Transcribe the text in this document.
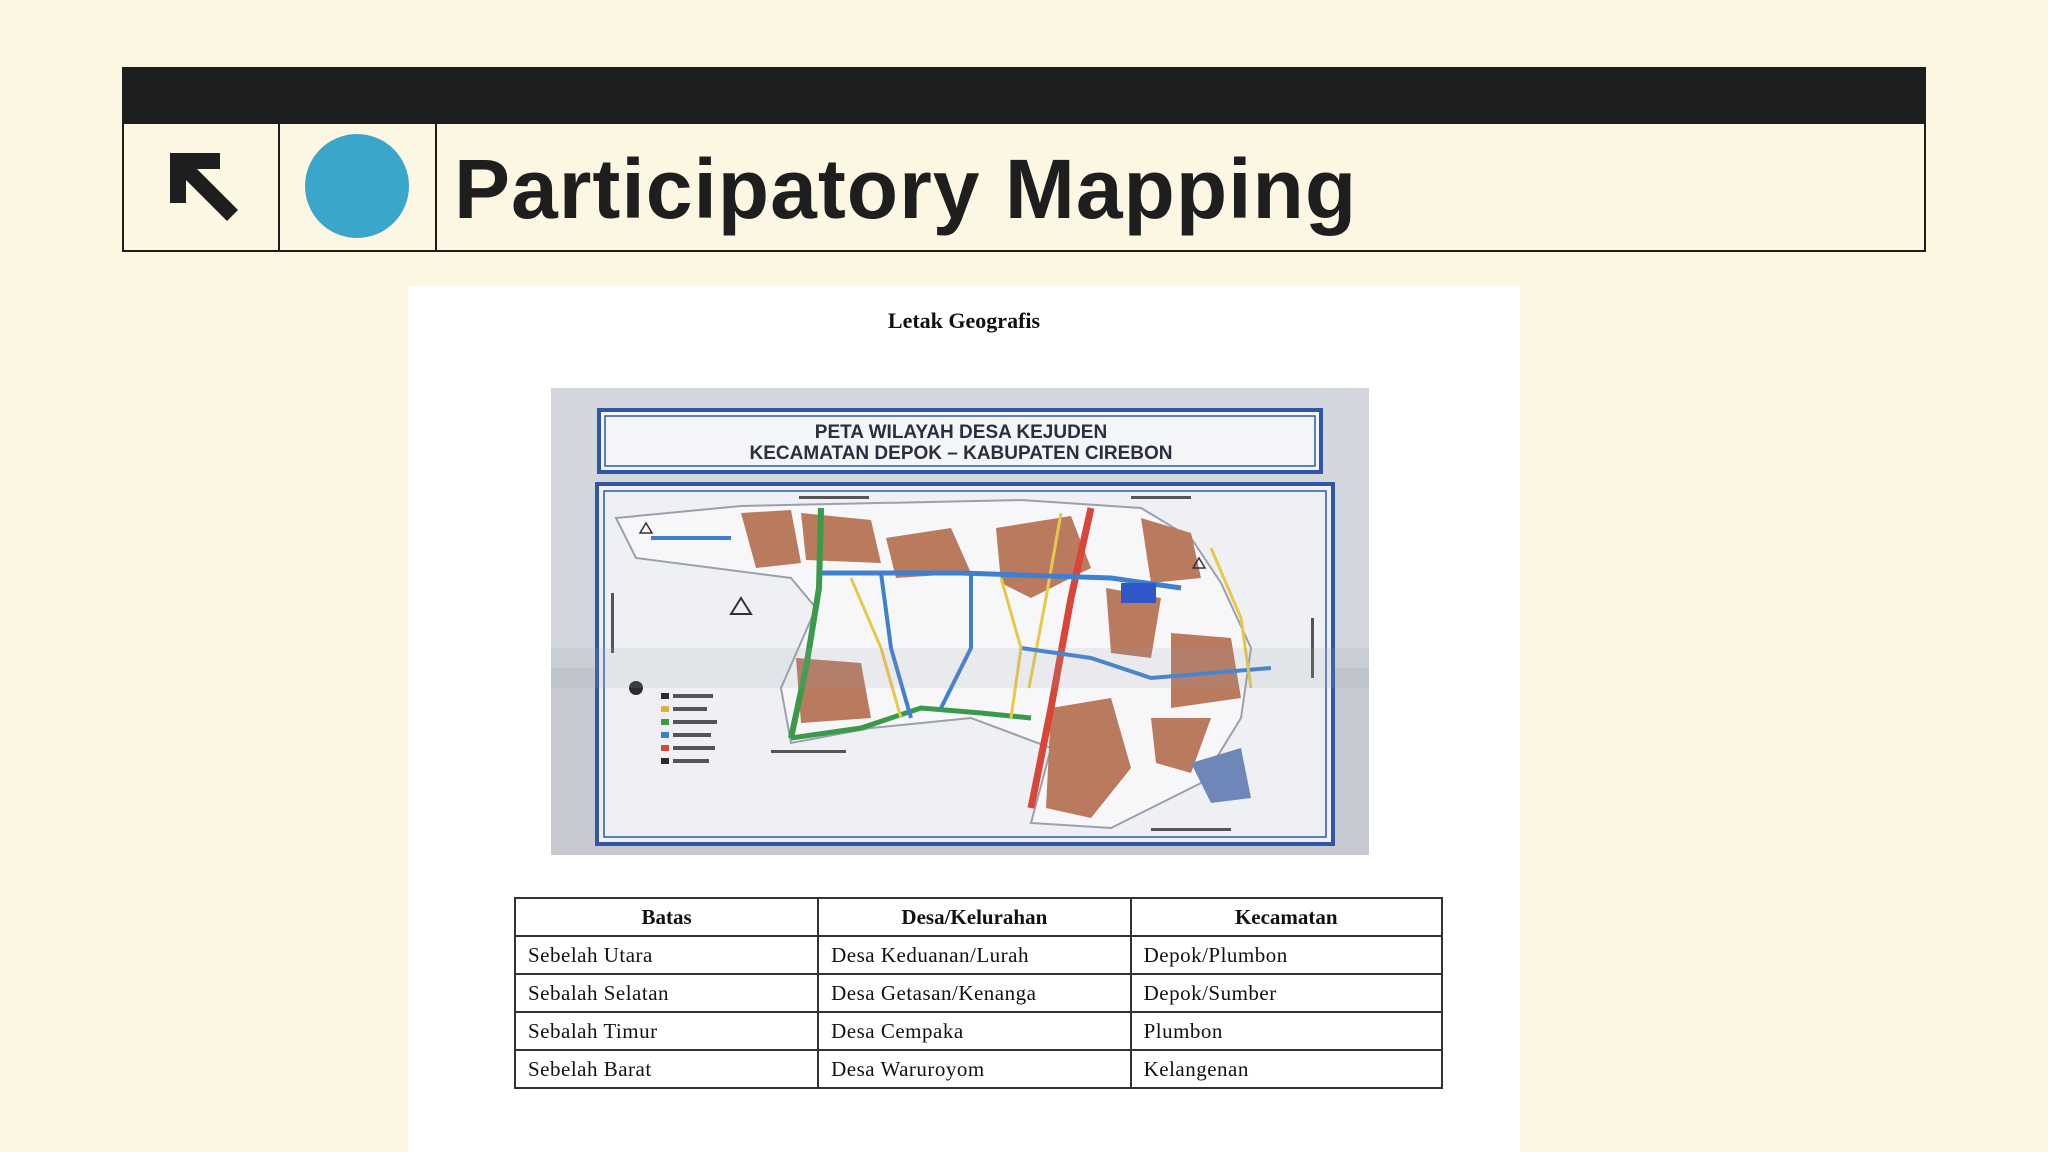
Participatory Mapping
Letak Geografis
PETA WILAYAH DESA KEJUDEN
KECAMATAN DEPOK – KABUPATEN CIREBON
Batas	Desa/Kelurahan	Kecamatan
Sebelah Utara	Desa Keduanan/Lurah	Depok/Plumbon
Sebalah Selatan	Desa Getasan/Kenanga	Depok/Sumber
Sebalah Timur	Desa Cempaka	Plumbon
Sebelah Barat	Desa Waruroyom	Kelangenan
